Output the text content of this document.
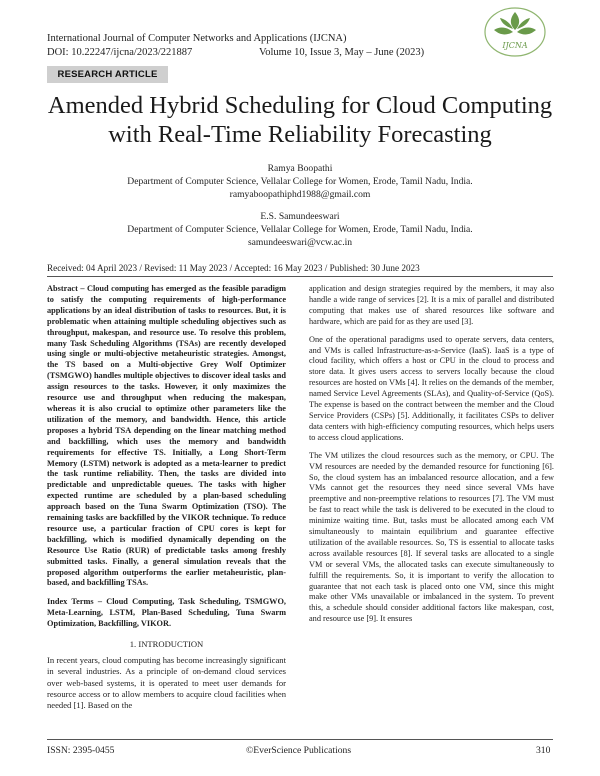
International Journal of Computer Networks and Applications (IJCNA)
DOI: 10.22247/ijcna/2023/221887	Volume 10, Issue 3, May – June (2023)
IJCNA
RESEARCH ARTICLE
Amended Hybrid Scheduling for Cloud Computing
with Real-Time Reliability Forecasting
Ramya Boopathi
Department of Computer Science, Vellalar College for Women, Erode, Tamil Nadu, India.
ramyaboopathiphd1988@gmail.com
E.S. Samundeeswari
Department of Computer Science, Vellalar College for Women, Erode, Tamil Nadu, India.
samundeeswari@vcw.ac.in
Received: 04 April 2023 / Revised: 11 May 2023 / Accepted: 16 May 2023 / Published: 30 June 2023

Abstract – Cloud computing has emerged as the feasible paradigm to satisfy the computing requirements of high-performance applications by an ideal distribution of tasks to resources. But, it is problematic when attaining multiple scheduling objectives such as throughput, makespan, and resource use. To resolve this problem, many Task Scheduling Algorithms (TSAs) are recently developed using single or multi-objective metaheuristic strategies. Amongst, the TS based on a Multi-objective Grey Wolf Optimizer (TSMGWO) handles multiple objectives to discover ideal tasks and assign resources to the tasks. However, it only maximizes the resource use and throughput when reducing the makespan, whereas it is also crucial to optimize other parameters like the utilization of the memory, and bandwidth. Hence, this article proposes a hybrid TSA depending on the linear matching method and backfilling, which uses the memory and bandwidth requirements for effective TS. Initially, a Long Short-Term Memory (LSTM) network is adopted as a meta-learner to predict the task runtime reliability. Then, the tasks are divided into predictable and unpredictable queues. The tasks with higher expected runtime are scheduled by a plan-based scheduling approach based on the Tuna Swarm Optimization (TSO). The remaining tasks are backfilled by the VIKOR technique. To reduce resource use, a particular fraction of CPU cores is kept for backfilling, which is modified dynamically depending on the Resource Use Ratio (RUR) of predictable tasks among freshly submitted tasks. Finally, a general simulation reveals that the proposed algorithm outperforms the earlier metaheuristic, plan-based, and backfilling TSAs.

Index Terms – Cloud Computing, Task Scheduling, TSMGWO, Meta-Learning, LSTM, Plan-Based Scheduling, Tuna Swarm Optimization, Backfilling, VIKOR.

1. INTRODUCTION

In recent years, cloud computing has become increasingly significant in several industries. As a principle of on-demand cloud services over web-based systems, it is operated to meet user demands for resource access or to allow members to acquire cloud facilities when needed [1]. Based on the

application and design strategies required by the members, it may also handle a wide range of services [2]. It is a mix of parallel and distributed computing that makes use of shared resources like software and hardware, which are paid for as they are used [3].

One of the operational paradigms used to operate servers, data centers, and VMs is called Infrastructure-as-a-Service (IaaS). IaaS is a type of cloud facility, which offers a host or CPU in the cloud to process and store data. It gives users access to servers locally because the cloud resources are hosted on VMs [4]. It relies on the demands of the member, named Service Level Agreements (SLAs), and Quality-of-Service (QoS). The expense is based on the contract between the member and the Cloud Service Providers (CSPs) [5]. Additionally, it facilitates CSPs to deliver data centers with high-efficiency computing resources, which helps users to access cloud applications.

The VM utilizes the cloud resources such as the memory, or CPU. The VM resources are needed by the demanded resource for functioning [6]. So, the cloud system has an imbalanced resource allocation, and a few VMs cannot get the resources they need since several VMs have preemptive and non-preemptive relations to resources [7]. The VM must be fast to react while the task is delivered to be executed in the cloud to minimize waiting time. But, tasks must be allocated among each VM simultaneously to maintain equilibrium and guarantee effective utilization of the available resources. So, TS is essential to allocate tasks across available resources [8]. If several tasks are allocated to a single VM or several VMs, the allocated tasks can execute simultaneously to fulfill the requirements. So, it is important to verify the allocation to guarantee that not each task is placed onto one VM, since this might make other VMs unavailable or imbalanced in the system. To prevent this, a schedule should consider additional factors like makespan, cost, and resource use [9]. It ensures

ISSN: 2395-0455	©EverScience Publications	310
